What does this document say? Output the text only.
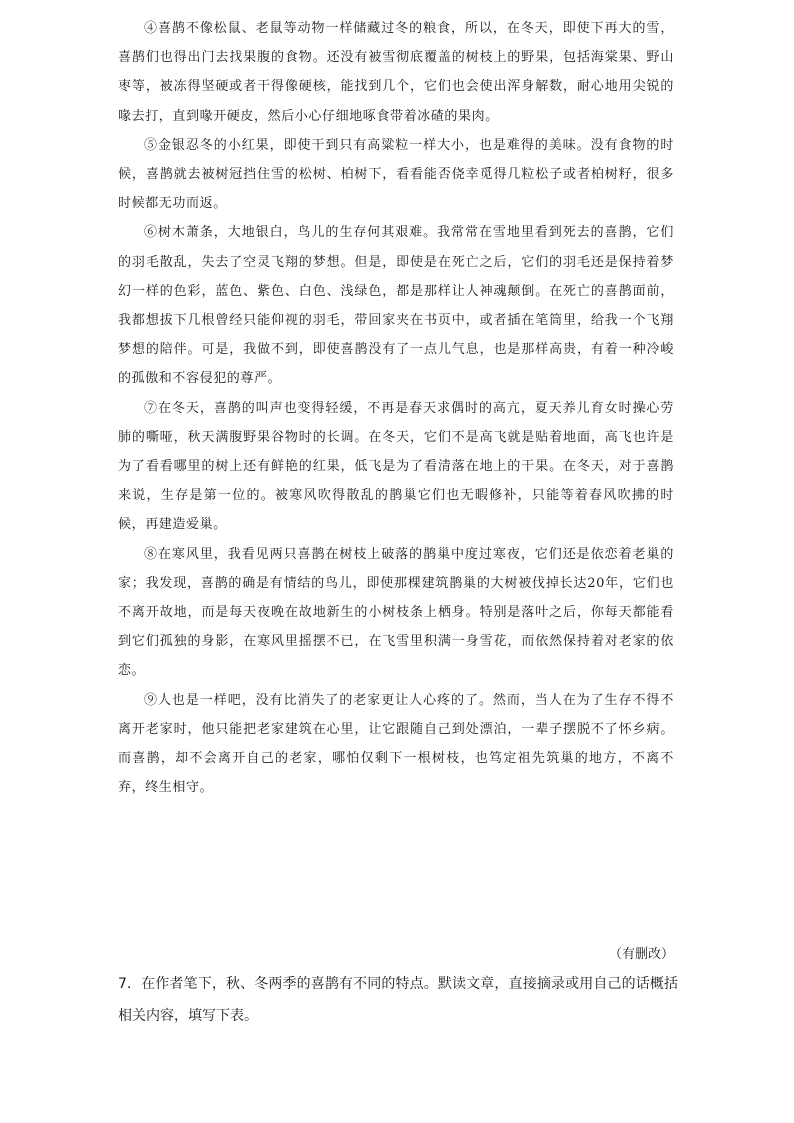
④喜鹊不像松鼠、老鼠等动物一样储藏过冬的粮食，所以，在冬天，即使下再大的雪，喜鹊们也得出门去找果腹的食物。还没有被雪彻底覆盖的树枝上的野果，包括海棠果、野山枣等，被冻得坚硬或者干得像硬核，能找到几个，它们也会使出浑身解数，耐心地用尖锐的喙去打，直到喙开硬皮，然后小心仔细地啄食带着冰碴的果肉。

⑤金银忍冬的小红果，即使干到只有高粱粒一样大小，也是难得的美味。没有食物的时候，喜鹊就去被树冠挡住雪的松树、柏树下，看看能否侥幸觅得几粒松子或者柏树籽，很多时候都无功而返。

⑥树木萧条，大地银白，鸟儿的生存何其艰难。我常常在雪地里看到死去的喜鹊，它们的羽毛散乱，失去了空灵飞翔的梦想。但是，即使是在死亡之后，它们的羽毛还是保持着梦幻一样的色彩，蓝色、紫色、白色、浅绿色，都是那样让人神魂颠倒。在死亡的喜鹊面前，我都想拔下几根曾经只能仰视的羽毛，带回家夹在书页中，或者插在笔筒里，给我一个飞翔梦想的陪伴。可是，我做不到，即使喜鹊没有了一点儿气息，也是那样高贵，有着一种冷峻的孤傲和不容侵犯的尊严。

⑦在冬天，喜鹊的叫声也变得轻缓，不再是春天求偶时的高亢，夏天养儿育女时操心劳肺的嘶哑，秋天满腹野果谷物时的长调。在冬天，它们不是高飞就是贴着地面，高飞也许是为了看看哪里的树上还有鲜艳的红果，低飞是为了看清落在地上的干果。在冬天，对于喜鹊来说，生存是第一位的。被寒风吹得散乱的鹊巢它们也无暇修补，只能等着春风吹拂的时候，再建造爱巢。

⑧在寒风里，我看见两只喜鹊在树枝上破落的鹊巢中度过寒夜，它们还是依恋着老巢的家；我发现，喜鹊的确是有情结的鸟儿，即使那棵建筑鹊巢的大树被伐掉长达20年，它们也不离开故地，而是每天夜晚在故地新生的小树枝条上栖身。特别是落叶之后，你每天都能看到它们孤独的身影，在寒风里摇摆不已，在飞雪里积满一身雪花，而依然保持着对老家的依恋。

⑨人也是一样吧，没有比消失了的老家更让人心疼的了。然而，当人在为了生存不得不离开老家时，他只能把老家建筑在心里，让它跟随自己到处漂泊，一辈子摆脱不了怀乡病。而喜鹊，却不会离开自己的老家，哪怕仅剩下一根树枝，也笃定祖先筑巢的地方，不离不弃，终生相守。

（有删改）
7．在作者笔下，秋、冬两季的喜鹊有不同的特点。默读文章，直接摘录或用自己的话概括相关内容，填写下表。
